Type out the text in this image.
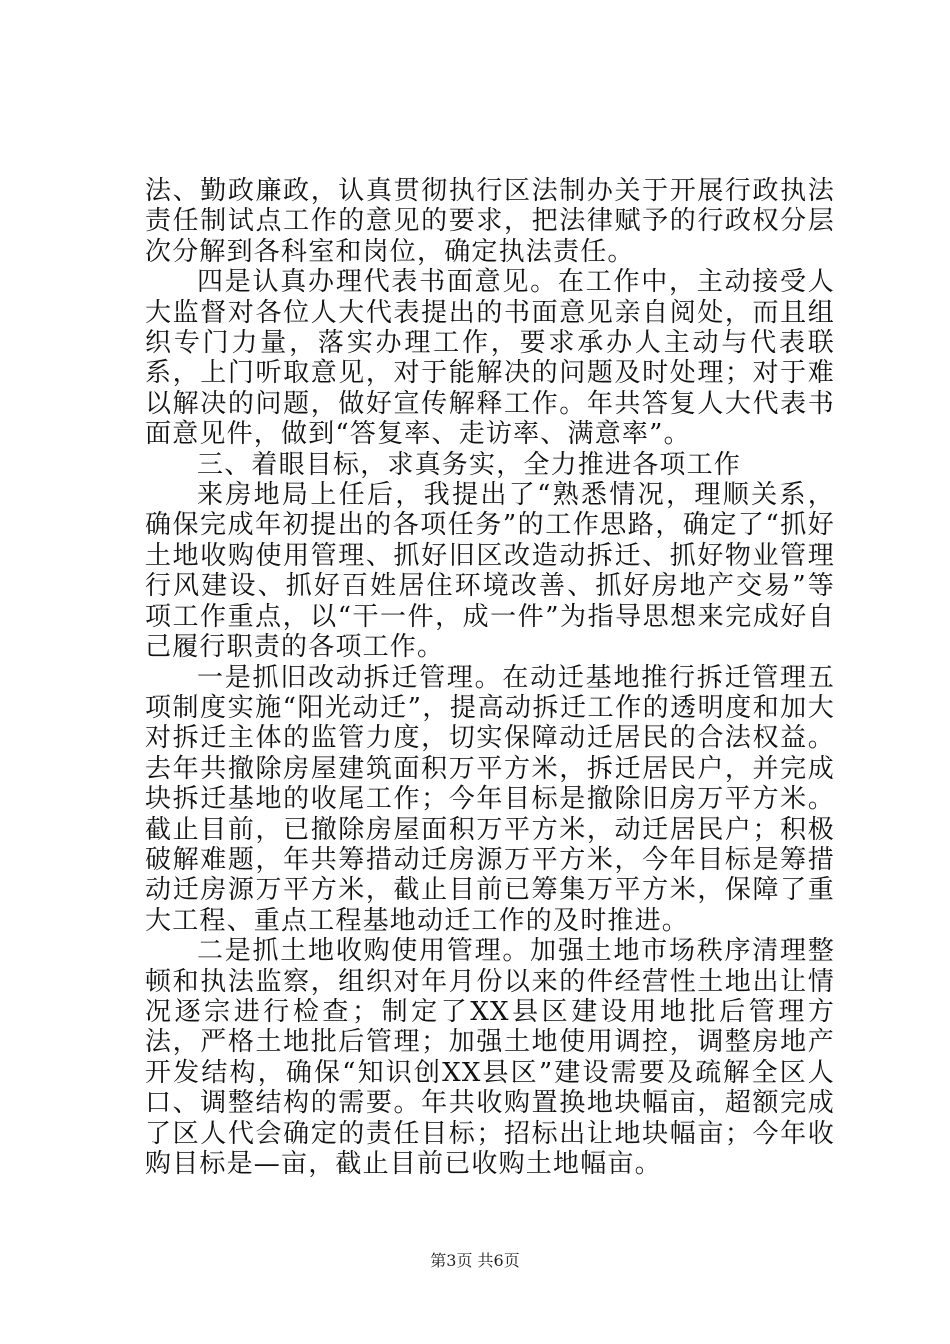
法、勤政廉政，认真贯彻执行区法制办关于开展行政执法责任制试点工作的意见的要求，把法律赋予的行政权分层次分解到各科室和岗位，确定执法责任。

四是认真办理代表书面意见。在工作中，主动接受人大监督对各位人大代表提出的书面意见亲自阅处，而且组织专门力量，落实办理工作，要求承办人主动与代表联系，上门听取意见，对于能解决的问题及时处理；对于难以解决的问题，做好宣传解释工作。年共答复人大代表书面意见件，做到“答复率、走访率、满意率”。

三、着眼目标，求真务实，全力推进各项工作

来房地局上任后，我提出了“熟悉情况，理顺关系，确保完成年初提出的各项任务”的工作思路，确定了“抓好土地收购使用管理、抓好旧区改造动拆迁、抓好物业管理行风建设、抓好百姓居住环境改善、抓好房地产交易”等项工作重点，以“干一件，成一件”为指导思想来完成好自己履行职责的各项工作。

一是抓旧改动拆迁管理。在动迁基地推行拆迁管理五项制度实施“阳光动迁”，提高动拆迁工作的透明度和加大对拆迁主体的监管力度，切实保障动迁居民的合法权益。去年共撤除房屋建筑面积万平方米，拆迁居民户，并完成块拆迁基地的收尾工作；今年目标是撤除旧房万平方米。截止目前，已撤除房屋面积万平方米，动迁居民户；积极破解难题，年共筹措动迁房源万平方米，今年目标是筹措动迁房源万平方米，截止目前已筹集万平方米，保障了重大工程、重点工程基地动迁工作的及时推进。

二是抓土地收购使用管理。加强土地市场秩序清理整顿和执法监察，组织对年月份以来的件经营性土地出让情况逐宗进行检查；制定了XX县区建设用地批后管理方法，严格土地批后管理；加强土地使用调控，调整房地产开发结构，确保“知识创XX县区”建设需要及疏解全区人口、调整结构的需要。年共收购置换地块幅亩，超额完成了区人代会确定的责任目标；招标出让地块幅亩；今年收购目标是—亩，截止目前已收购土地幅亩。

第3页 共6页
